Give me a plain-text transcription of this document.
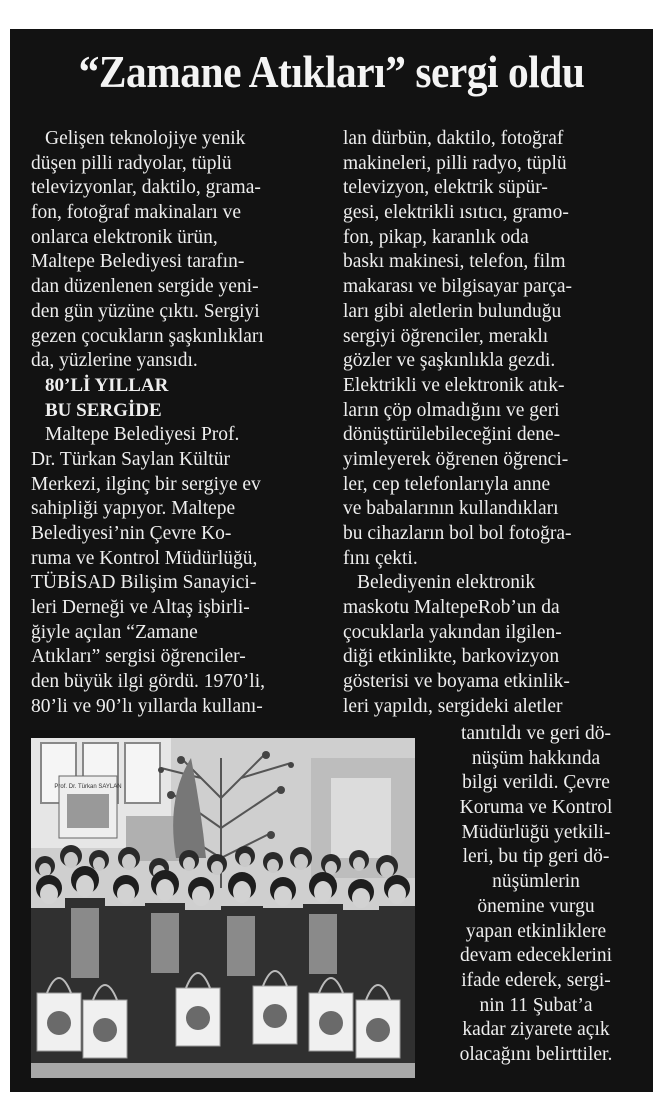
“Zamane Atıkları” sergi oldu
Gelişen teknolojiye yenik
düşen pilli radyolar, tüplü
televizyonlar, daktilo, grama-
fon, fotoğraf makinaları ve
onlarca elektronik ürün,
Maltepe Belediyesi tarafın-
dan düzenlenen sergide yeni-
den gün yüzüne çıktı. Sergiyi
gezen çocukların şaşkınlıkları
da, yüzlerine yansıdı.
80’Lİ YILLAR
BU SERGİDE
Maltepe Belediyesi Prof.
Dr. Türkan Saylan Kültür
Merkezi, ilginç bir sergiye ev
sahipliği yapıyor. Maltepe
Belediyesi’nin Çevre Ko-
ruma ve Kontrol Müdürlüğü,
TÜBİSAD Bilişim Sanayici-
leri Derneği ve Altaş işbirli-
ğiyle açılan “Zamane
Atıkları” sergisi öğrenciler-
den büyük ilgi gördü. 1970’li,
80’li ve 90’lı yıllarda kullanı-
lan dürbün, daktilo, fotoğraf
makineleri, pilli radyo, tüplü
televizyon, elektrik süpür-
gesi, elektrikli ısıtıcı, gramo-
fon, pikap, karanlık oda
baskı makinesi, telefon, film
makarası ve bilgisayar parça-
ları gibi aletlerin bulunduğu
sergiyi öğrenciler, meraklı
gözler ve şaşkınlıkla gezdi.
Elektrikli ve elektronik atık-
ların çöp olmadığını ve geri
dönüştürülebileceğini dene-
yimleyerek öğrenen öğrenci-
ler, cep telefonlarıyla anne
ve babalarının kullandıkları
bu cihazların bol bol fotoğra-
fını çekti.
Belediyenin elektronik
maskotu MaltepeRob’un da
çocuklarla yakından ilgilen-
diği etkinlikte, barkovizyon
gösterisi ve boyama etkinlik-
leri yapıldı, sergideki aletler
Prof. Dr. Türkan SAYLAN
tanıtıldı ve geri dö-
nüşüm hakkında
bilgi verildi. Çevre
Koruma ve Kontrol
Müdürlüğü yetkili-
leri, bu tip geri dö-
nüşümlerin
önemine vurgu
yapan etkinliklere
devam edeceklerini
ifade ederek, sergi-
nin 11 Şubat’a
kadar ziyarete açık
olacağını belirttiler.
